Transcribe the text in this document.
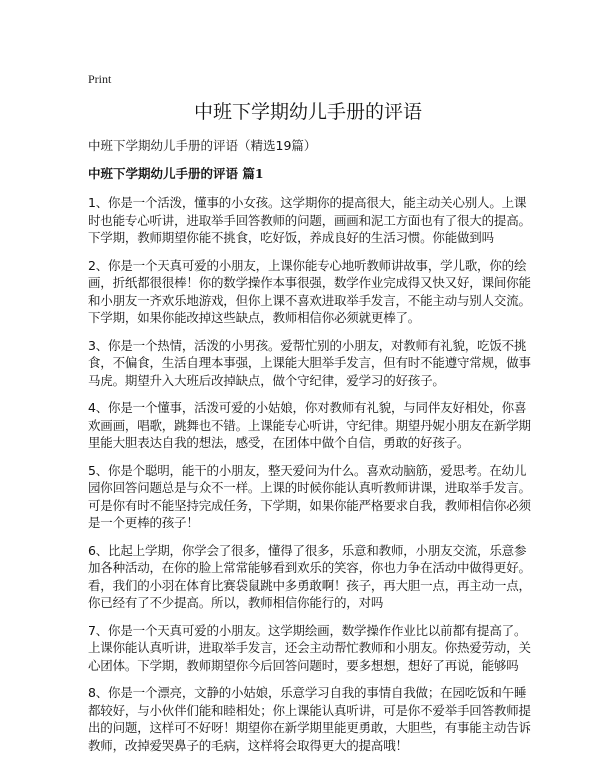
Print
中班下学期幼儿手册的评语
中班下学期幼儿手册的评语（精选19篇）
中班下学期幼儿手册的评语 篇1
1、你是一个活泼，懂事的小女孩。这学期你的提高很大，能主动关心别人。上课
时也能专心听讲，进取举手回答教师的问题，画画和泥工方面也有了很大的提高。
下学期，教师期望你能不挑食，吃好饭，养成良好的生活习惯。你能做到吗
2、你是一个天真可爱的小朋友，上课你能专心地听教师讲故事，学儿歌，你的绘
画，折纸都很很棒！你的数学操作本事很强，数学作业完成得又快又好，课间你能
和小朋友一齐欢乐地游戏，但你上课不喜欢进取举手发言，不能主动与别人交流。
下学期，如果你能改掉这些缺点，教师相信你必须就更棒了。
3、你是一个热情，活泼的小男孩。爱帮忙别的小朋友，对教师有礼貌，吃饭不挑
食，不偏食，生活自理本事强，上课能大胆举手发言，但有时不能遵守常规，做事
马虎。期望升入大班后改掉缺点，做个守纪律，爱学习的好孩子。
4、你是一个懂事，活泼可爱的小姑娘，你对教师有礼貌，与同伴友好相处，你喜
欢画画，唱歌，跳舞也不错。上课能专心听讲，守纪律。期望丹妮小朋友在新学期
里能大胆表达自我的想法，感受，在团体中做个自信，勇敢的好孩子。
5、你是个聪明，能干的小朋友，整天爱问为什么。喜欢动脑筋，爱思考。在幼儿
园你回答问题总是与众不一样。上课的时候你能认真听教师讲课，进取举手发言。
可是你有时不能坚持完成任务，下学期，如果你能严格要求自我，教师相信你必须
是一个更棒的孩子！
6、比起上学期，你学会了很多，懂得了很多，乐意和教师，小朋友交流，乐意参
加各种活动，在你的脸上常常能够看到欢乐的笑容，你也力争在活动中做得更好。
看，我们的小羽在体育比赛袋鼠跳中多勇敢啊！孩子，再大胆一点，再主动一点，
你已经有了不少提高。所以，教师相信你能行的，对吗
7、你是一个天真可爱的小朋友。这学期绘画，数学操作作业比以前都有提高了。
上课你能认真听讲，进取举手发言，还会主动帮忙教师和小朋友。你热爱劳动，关
心团体。下学期，教师期望你今后回答问题时，要多想想，想好了再说，能够吗
8、你是一个漂亮，文静的小姑娘，乐意学习自我的事情自我做；在园吃饭和午睡
都较好，与小伙伴们能和睦相处；你上课能认真听讲，可是你不爱举手回答教师提
出的问题，这样可不好呀！期望你在新学期里能更勇敢，大胆些，有事能主动告诉
教师，改掉爱哭鼻子的毛病，这样将会取得更大的提高哦！
